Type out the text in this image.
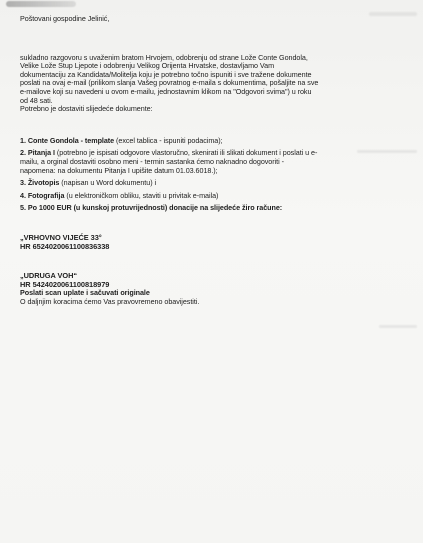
Poštovani gospodine Jelinić,

sukladno razgovoru s uvaženim bratom Hrvojem, odobrenju od strane Lože Conte Gondola,

Velike Lože Stup Ljepote i odobrenju Velikog Orijenta Hrvatske, dostavljamo Vam

dokumentaciju za Kandidata/Molitelja koju je potrebno točno ispuniti i sve tražene dokumente

poslati na ovaj e-mail (prilikom slanja Vašeg povratnog e-maila s dokumentima, pošaljite na sve

e-mailove koji su navedeni u ovom e-mailu, jednostavnim klikom na "Odgovori svima") u roku

od 48 sati.

Potrebno je dostaviti slijedeće dokumente:

1. Conte Gondola - template (excel tablica - ispuniti podacima);

2. Pitanja I (potrebno je ispisati odgovore vlastoručno, skenirati ili slikati dokument i poslati u e-
mailu, a orginal dostaviti osobno meni - termin sastanka ćemo naknadno dogovoriti -
napomena: na dokumentu Pitanja I upišite datum 01.03.6018.);

3. Životopis (napisan u Word dokumentu) i

4. Fotografija (u elektroničkom obliku, staviti u privitak e-maila)

5. Po 1000 EUR (u kunskoj protuvrijednosti) donacije na slijedeće žiro račune:

„VRHOVNO VIJEĆE 33°

HR 6524020061100836338

„UDRUGA VOH“

HR 5424020061100818979

Poslati scan uplate i sačuvati originale

O daljnjim koracima ćemo Vas pravovremeno obavijestiti.
